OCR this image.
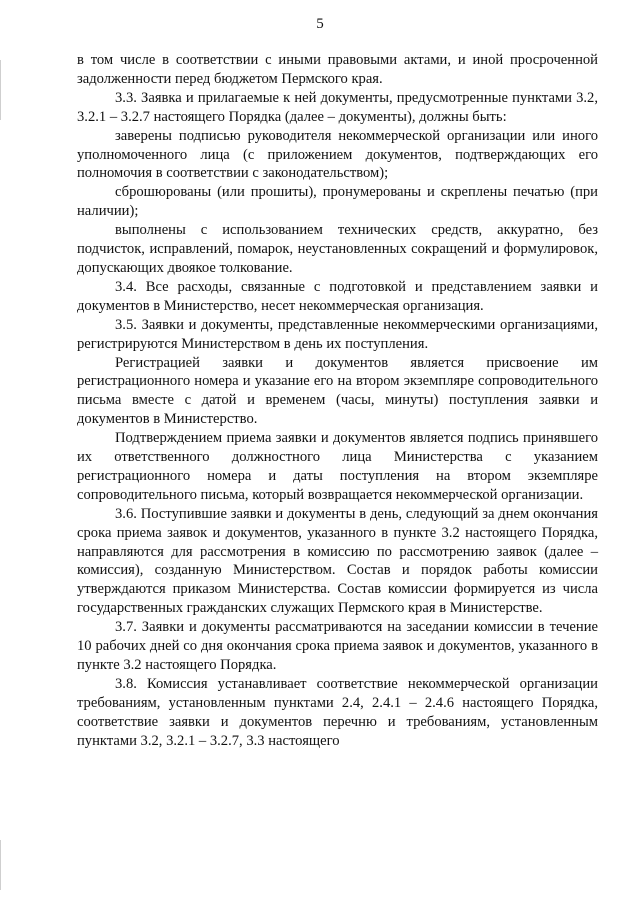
5

в том числе в соответствии с иными правовыми актами, и иной просроченной задолженности перед бюджетом Пермского края.

3.3. Заявка и прилагаемые к ней документы, предусмотренные пунктами 3.2, 3.2.1 – 3.2.7 настоящего Порядка (далее – документы), должны быть:

заверены подписью руководителя некоммерческой организации или иного уполномоченного лица (с приложением документов, подтверждающих его полномочия в соответствии с законодательством);

сброшюрованы (или прошиты), пронумерованы и скреплены печатью (при наличии);

выполнены с использованием технических средств, аккуратно, без подчисток, исправлений, помарок, неустановленных сокращений и формулировок, допускающих двоякое толкование.

3.4. Все расходы, связанные с подготовкой и представлением заявки и документов в Министерство, несет некоммерческая организация.

3.5. Заявки и документы, представленные некоммерческими организациями, регистрируются Министерством в день их поступления.

Регистрацией заявки и документов является присвоение им регистрационного номера и указание его на втором экземпляре сопроводительного письма вместе с датой и временем (часы, минуты) поступления заявки и документов в Министерство.

Подтверждением приема заявки и документов является подпись принявшего их ответственного должностного лица Министерства с указанием регистрационного номера и даты поступления на втором экземпляре сопроводительного письма, который возвращается некоммерческой организации.

3.6. Поступившие заявки и документы в день, следующий за днем окончания срока приема заявок и документов, указанного в пункте 3.2 настоящего Порядка, направляются для рассмотрения в комиссию по рассмотрению заявок (далее – комиссия), созданную Министерством. Состав и порядок работы комиссии утверждаются приказом Министерства. Состав комиссии формируется из числа государственных гражданских служащих Пермского края в Министерстве.

3.7. Заявки и документы рассматриваются на заседании комиссии в течение 10 рабочих дней со дня окончания срока приема заявок и документов, указанного в пункте 3.2 настоящего Порядка.

3.8. Комиссия устанавливает соответствие некоммерческой организации требованиям, установленным пунктами 2.4, 2.4.1 – 2.4.6 настоящего Порядка, соответствие заявки и документов перечню и требованиям, установленным пунктами 3.2, 3.2.1 – 3.2.7, 3.3 настоящего
